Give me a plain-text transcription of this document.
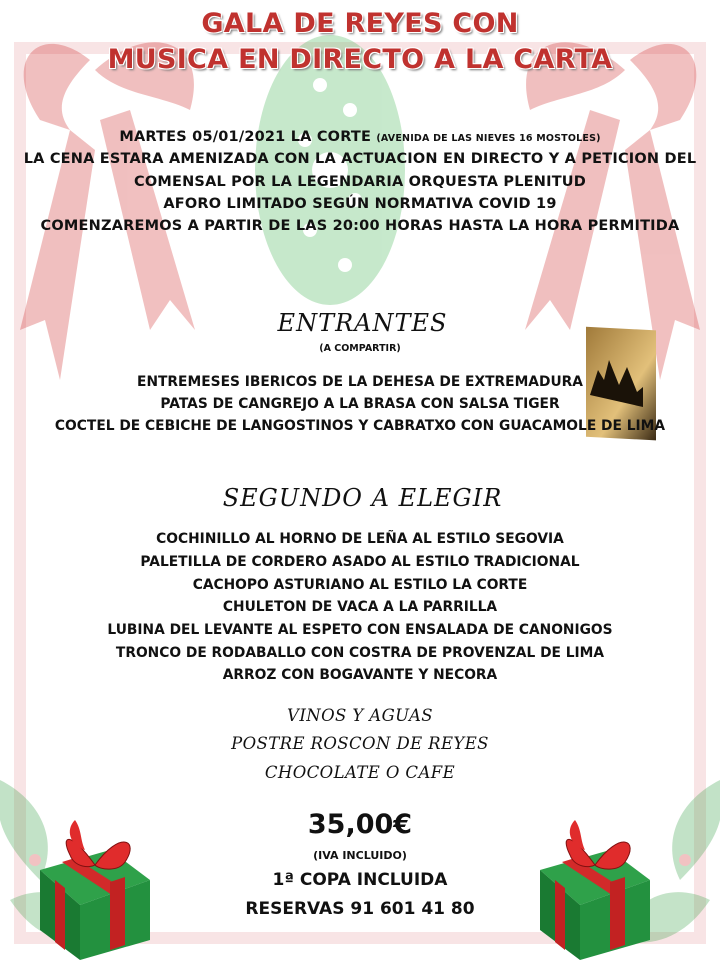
GALA DE REYES CON
MUSICA EN DIRECTO A LA CARTA
MARTES 05/01/2021 LA CORTE (AVENIDA DE LAS NIEVES 16 MOSTOLES)
LA CENA ESTARA AMENIZADA CON LA ACTUACION EN DIRECTO Y A PETICION DEL
COMENSAL POR LA LEGENDARIA ORQUESTA PLENITUD
AFORO LIMITADO SEGÚN NORMATIVA COVID 19
COMENZAREMOS A PARTIR DE LAS 20:00 HORAS HASTA LA HORA PERMITIDA
ENTRANTES
(A COMPARTIR)
ENTREMESES IBERICOS DE LA DEHESA DE EXTREMADURA
PATAS DE CANGREJO A LA BRASA CON SALSA TIGER
COCTEL DE CEBICHE DE LANGOSTINOS Y CABRATXO CON GUACAMOLE DE LIMA
SEGUNDO A ELEGIR
COCHINILLO AL HORNO DE LEÑA AL ESTILO SEGOVIA
PALETILLA DE CORDERO ASADO AL ESTILO TRADICIONAL
CACHOPO ASTURIANO AL ESTILO LA CORTE
CHULETON DE VACA A LA PARRILLA
LUBINA DEL LEVANTE AL ESPETO CON ENSALADA DE CANONIGOS
TRONCO DE RODABALLO CON COSTRA DE PROVENZAL DE LIMA
ARROZ CON BOGAVANTE Y NECORA
VINOS Y AGUAS
POSTRE ROSCON DE REYES
CHOCOLATE O CAFE
35,00€
(IVA INCLUIDO)
1ª COPA INCLUIDA
RESERVAS 91 601 41 80
